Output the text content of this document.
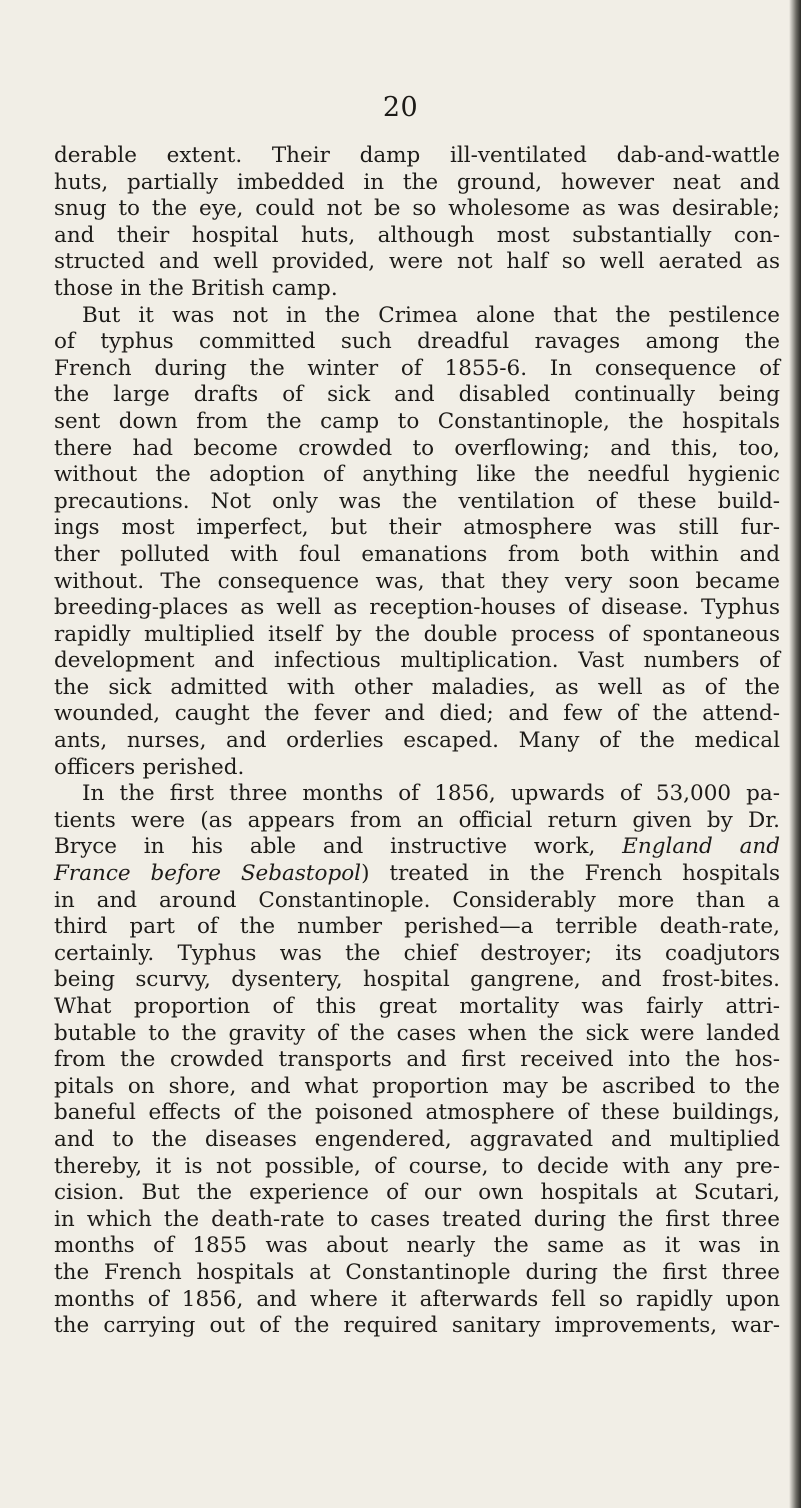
20

derable extent. Their damp ill-ventilated dab-and-wattle
huts, partially imbedded in the ground, however neat and
snug to the eye, could not be so wholesome as was desirable;
and their hospital huts, although most substantially con-
structed and well provided, were not half so well aerated as
those in the British camp.

But it was not in the Crimea alone that the pestilence
of typhus committed such dreadful ravages among the
French during the winter of 1855-6. In consequence of
the large drafts of sick and disabled continually being
sent down from the camp to Constantinople, the hospitals
there had become crowded to overflowing; and this, too,
without the adoption of anything like the needful hygienic
precautions. Not only was the ventilation of these build-
ings most imperfect, but their atmosphere was still fur-
ther polluted with foul emanations from both within and
without. The consequence was, that they very soon became
breeding-places as well as reception-houses of disease. Typhus
rapidly multiplied itself by the double process of spontaneous
development and infectious multiplication. Vast numbers of
the sick admitted with other maladies, as well as of the
wounded, caught the fever and died; and few of the attend-
ants, nurses, and orderlies escaped. Many of the medical
officers perished.

In the first three months of 1856, upwards of 53,000 pa-
tients were (as appears from an official return given by Dr.
Bryce in his able and instructive work, England and
France before Sebastopol) treated in the French hospitals
in and around Constantinople. Considerably more than a
third part of the number perished—a terrible death-rate,
certainly. Typhus was the chief destroyer; its coadjutors
being scurvy, dysentery, hospital gangrene, and frost-bites.
What proportion of this great mortality was fairly attri-
butable to the gravity of the cases when the sick were landed
from the crowded transports and first received into the hos-
pitals on shore, and what proportion may be ascribed to the
baneful effects of the poisoned atmosphere of these buildings,
and to the diseases engendered, aggravated and multiplied
thereby, it is not possible, of course, to decide with any pre-
cision. But the experience of our own hospitals at Scutari,
in which the death-rate to cases treated during the first three
months of 1855 was about nearly the same as it was in
the French hospitals at Constantinople during the first three
months of 1856, and where it afterwards fell so rapidly upon
the carrying out of the required sanitary improvements, war-
